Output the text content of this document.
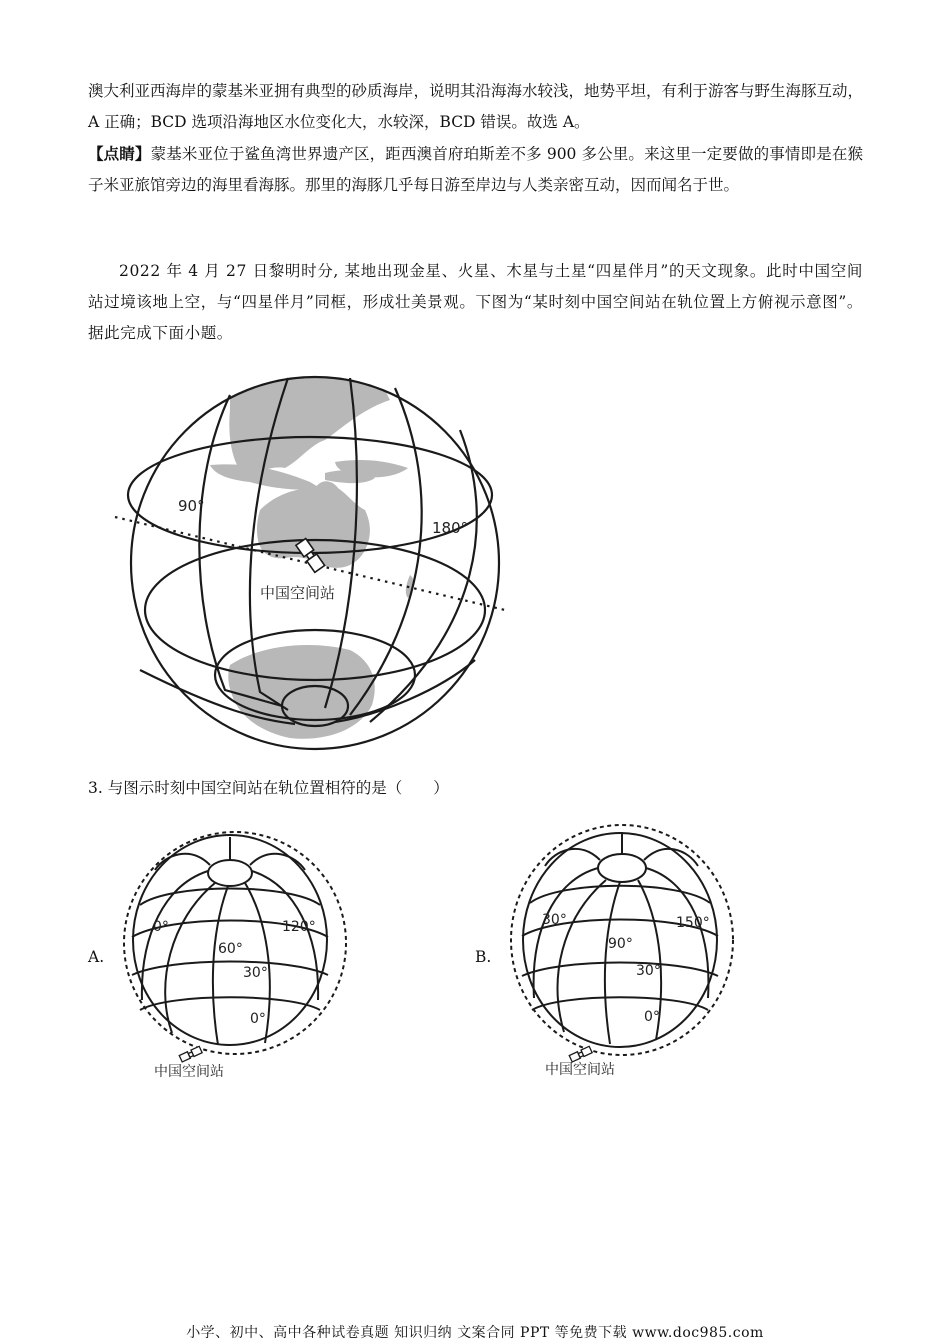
澳大利亚西海岸的蒙基米亚拥有典型的砂质海岸，说明其沿海海水较浅，地势平坦，有利于游客与野生海豚互动，A 正确；BCD 选项沿海地区水位变化大，水较深，BCD 错误。故选 A。

【点睛】蒙基米亚位于鲨鱼湾世界遗产区，距西澳首府珀斯差不多 900 多公里。来这里一定要做的事情即是在猴子米亚旅馆旁边的海里看海豚。那里的海豚几乎每日游至岸边与人类亲密互动，因而闻名于世。

2022 年 4 月 27 日黎明时分, 某地出现金星、火星、木星与土星“四星伴月”的天文现象。此时中国空间站过境该地上空，与“四星伴月”同框，形成壮美景观。下图为“某时刻中国空间站在轨位置上方俯视示意图”。据此完成下面小题。

90°
180°
中国空间站

3. 与图示时刻中国空间站在轨位置相符的是（　　）

A.	B.
0°
60°
120°
30°
0°
中国空间站
30°
90°
150°
30°
0°
中国空间站
小学、初中、高中各种试卷真题 知识归纳 文案合同 PPT 等免费下载 www.doc985.com
